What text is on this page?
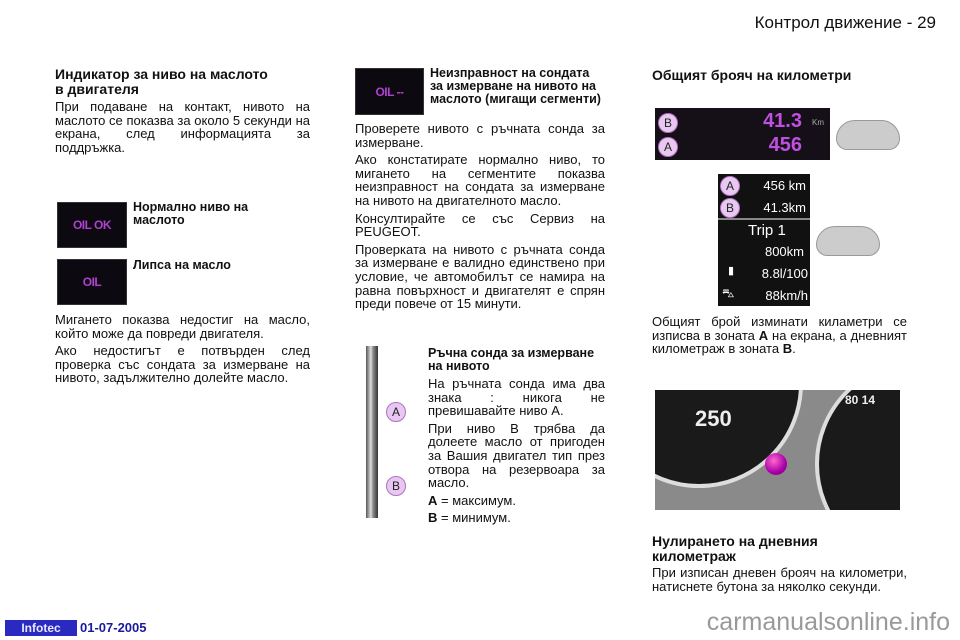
Контрол движение - 29
Индикатор за ниво на маслото в двигателя

При подаване на контакт, нивото на маслото се показва за около 5 секунди на екрана, след информацията за поддръжка.

OIL OK
Нормално ниво на маслото
OIL
Липса на масло

Мигането показва недостиг на масло, който може да повреди двигателя.

Ако недостигът е потвърден след проверка със сондата за измерване на нивото, задължително долейте масло.

OIL --
Неизправност на сондата за измерване на нивото на маслото (мигащи сегменти)

Проверете нивото с ръчната сонда за измерване.

Ако констатирате нормално ниво, то мигането на сегментите показва неизправност на сондата за измерване на нивото на двигателното масло.

Консултирайте се със Сервиз на PEUGEOT.

Проверката на нивото с ръчната сонда за измерване е валидно единствено при условие, че автомобилът се намира на равна повърхност и двигателят е спрян преди повече от 15 минути.

A
B
Ръчна сонда за измерване на нивото

На ръчната сонда има два знака : никога не превишавайте ниво A.

При ниво B трябва да долеете масло от пригоден за Вашия двигател тип през отвора на резервоара за масло.

A = максимум.

B = минимум.

Общият брояч на километри
B	41.3 Km
A	456
A	456 km
B	41.3km
Trip 1
800km
▮ 8.8l/100
⛍ 88km/h

Общият брой изминати киламетри се изписва в зоната A на екрана, а дневният километраж в зоната B.

250
80 14
Нулирането на дневния километраж

При изписан дневен брояч на километри, натиснете бутона за няколко секунди.

Infotec	01-07-2005	carmanualsonline.info
